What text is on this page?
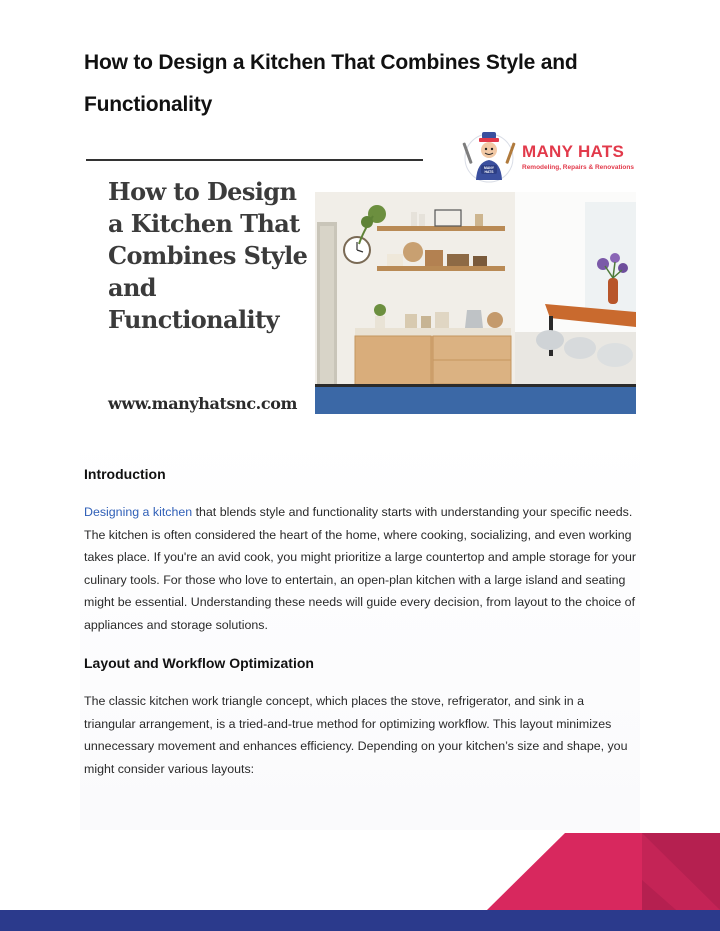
How to Design a Kitchen That Combines Style and
Functionality
How to Design a Kitchen That Combines Style and Functionality
www.manyhatsnc.com
MANY
HATS
MANY HATS
Remodeling, Repairs & Renovations
Introduction
Designing a kitchen that blends style and functionality starts with understanding your specific needs. The kitchen is often considered the heart of the home, where cooking, socializing, and even working takes place. If you're an avid cook, you might prioritize a large countertop and ample storage for your culinary tools. For those who love to entertain, an open-plan kitchen with a large island and seating might be essential. Understanding these needs will guide every decision, from layout to the choice of appliances and storage solutions.
Layout and Workflow Optimization
The classic kitchen work triangle concept, which places the stove, refrigerator, and sink in a triangular arrangement, is a tried-and-true method for optimizing workflow. This layout minimizes unnecessary movement and enhances efficiency. Depending on your kitchen’s size and shape, you might consider various layouts:
